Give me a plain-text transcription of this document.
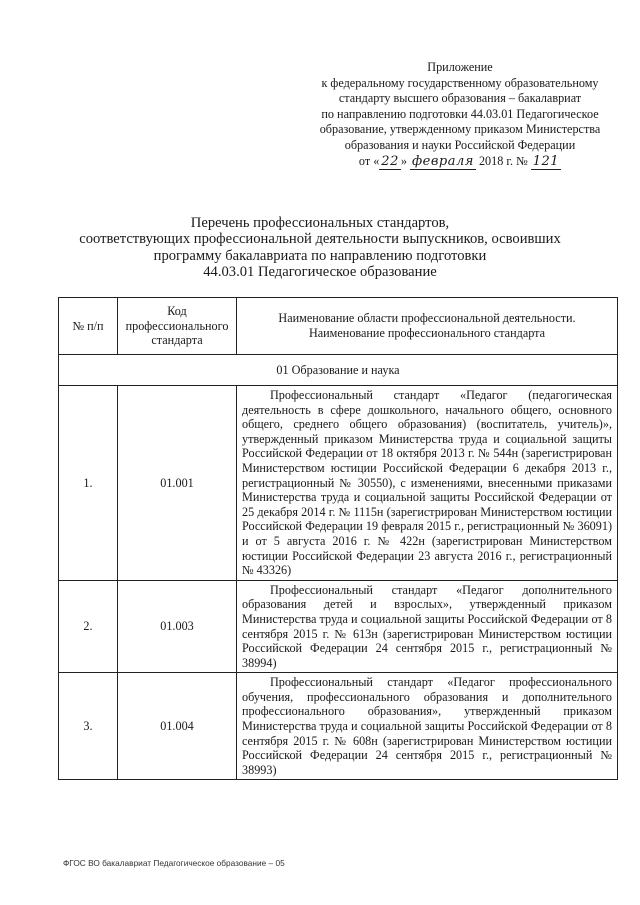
Приложение
к федеральному государственному образовательному
стандарту высшего образования – бакалавриат
по направлению подготовки 44.03.01 Педагогическое
образование, утвержденному приказом Министерства
образования и науки Российской Федерации
от « 22 » февраля 2018 г. № 121
Перечень профессиональных стандартов,
соответствующих профессиональной деятельности выпускников, освоивших
программу бакалавриата по направлению подготовки
44.03.01 Педагогическое образование
№ п/п	Код профессионального стандарта	Наименование области профессиональной деятельности. Наименование профессионального стандарта
01 Образование и наука		
1.	01.001	Профессиональный стандарт «Педагог (педагогическая деятельность в сфере дошкольного, начального общего, основного общего, среднего общего образования) (воспитатель, учитель)», утвержденный приказом Министерства труда и социальной защиты Российской Федерации от 18 октября 2013 г. № 544н (зарегистрирован Министерством юстиции Российской Федерации 6 декабря 2013 г., регистрационный № 30550), с изменениями, внесенными приказами Министерства труда и социальной защиты Российской Федерации от 25 декабря 2014 г. № 1115н (зарегистрирован Министерством юстиции Российской Федерации 19 февраля 2015 г., регистрационный № 36091) и от 5 августа 2016 г. № 422н (зарегистрирован Министерством юстиции Российской Федерации 23 августа 2016 г., регистрационный № 43326)

2.	01.003	Профессиональный стандарт «Педагог дополнительного образования детей и взрослых», утвержденный приказом Министерства труда и социальной защиты Российской Федерации от 8 сентября 2015 г. № 613н (зарегистрирован Министерством юстиции Российской Федерации 24 сентября 2015 г., регистрационный № 38994)

3.	01.004	Профессиональный стандарт «Педагог профессионального обучения, профессионального образования и дополнительного профессионального образования», утвержденный приказом Министерства труда и социальной защиты Российской Федерации от 8 сентября 2015 г. № 608н (зарегистрирован Министерством юстиции Российской Федерации 24 сентября 2015 г., регистрационный № 38993)
ФГОС ВО бакалавриат Педагогическое образование – 05
